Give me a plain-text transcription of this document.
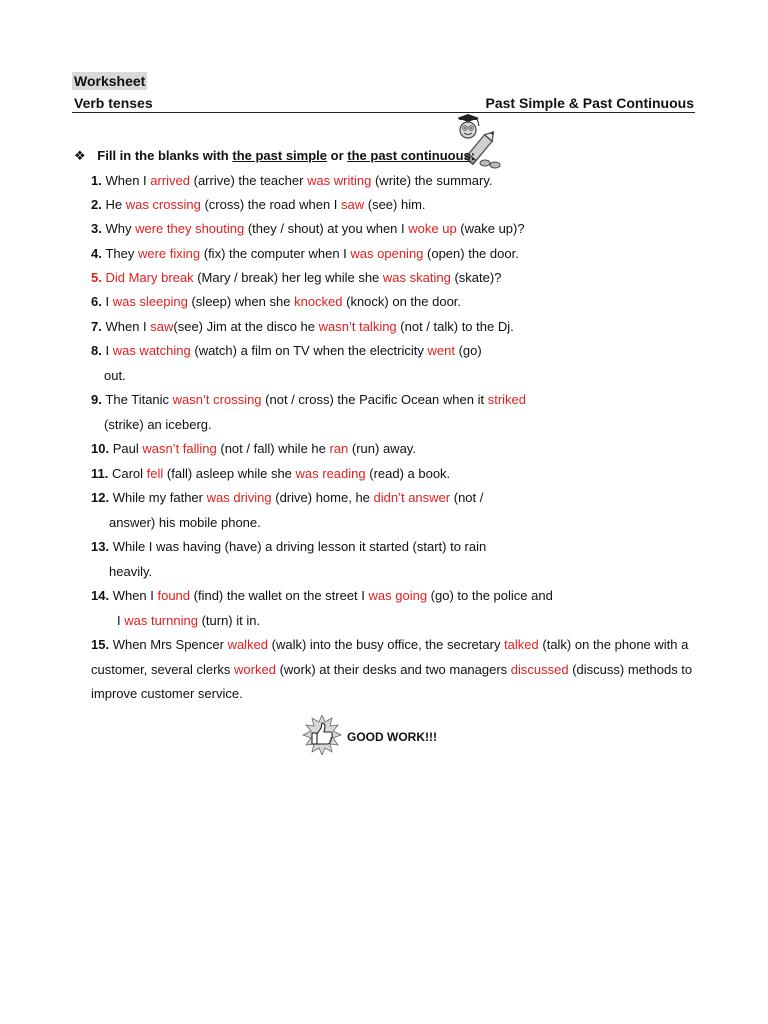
Worksheet
Verb tenses	Past Simple & Past Continuous
❖ Fill in the blanks with the past simple or the past continuous:
1. When I arrived (arrive) the teacher was writing (write) the summary.
2. He was crossing (cross) the road when I saw (see) him.
3. Why were they shouting (they / shout) at you when I woke up (wake up)?
4. They were fixing (fix) the computer when I was opening (open) the door.
5. Did Mary break (Mary / break) her leg while she was skating (skate)?
6. I was sleeping (sleep) when she knocked (knock) on the door.
7. When I saw(see) Jim at the disco he wasn’t talking (not / talk) to the Dj.
8. I was watching (watch) a film on TV when the electricity went (go)
out.
9. The Titanic wasn’t crossing (not / cross) the Pacific Ocean when it striked
(strike) an iceberg.
10. Paul wasn’t falling (not / fall) while he ran (run) away.
11. Carol fell (fall) asleep while she was reading (read) a book.
12. While my father was driving (drive) home, he didn’t answer (not /
answer) his mobile phone.
13. While I was having (have) a driving lesson it started (start) to rain
heavily.
14. When I found (find) the wallet on the street I was going (go) to the police and
I was turnning (turn) it in.
15. When Mrs Spencer walked (walk) into the busy office, the secretary talked (talk) on the phone with a
customer, several clerks worked (work) at their desks and two managers discussed (discuss) methods to
improve customer service.
GOOD WORK!!!
